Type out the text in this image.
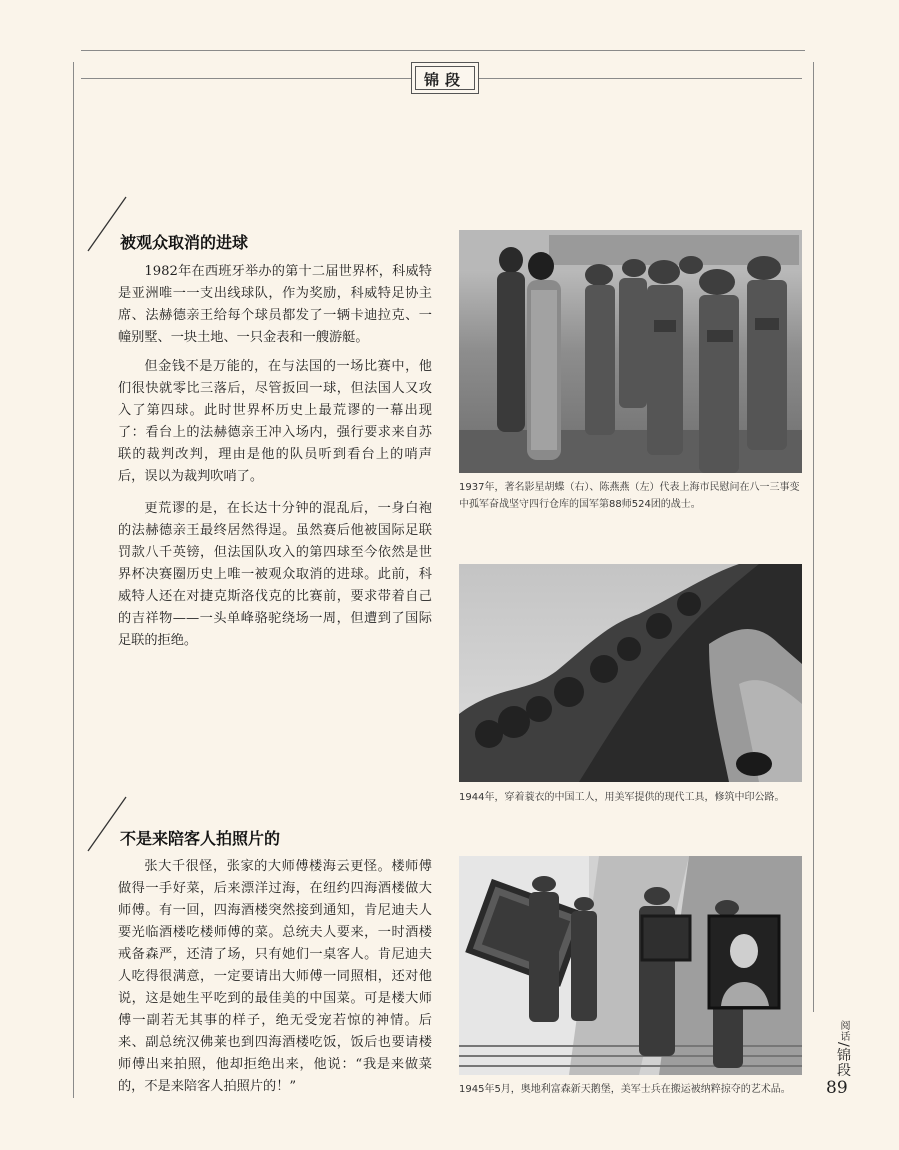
锦段
被观众取消的进球

1982年在西班牙举办的第十二届世界杯，科威特是亚洲唯一一支出线球队，作为奖励，科威特足协主席、法赫德亲王给每个球员都发了一辆卡迪拉克、一幢别墅、一块土地、一只金表和一艘游艇。

但金钱不是万能的，在与法国的一场比赛中，他们很快就零比三落后，尽管扳回一球，但法国人又攻入了第四球。此时世界杯历史上最荒谬的一幕出现了：看台上的法赫德亲王冲入场内，强行要求来自苏联的裁判改判，理由是他的队员听到看台上的哨声后，误以为裁判吹哨了。

更荒谬的是，在长达十分钟的混乱后，一身白袍的法赫德亲王最终居然得逞。虽然赛后他被国际足联罚款八千英镑，但法国队攻入的第四球至今依然是世界杯决赛圈历史上唯一被观众取消的进球。此前，科威特人还在对捷克斯洛伐克的比赛前，要求带着自己的吉祥物——一头单峰骆驼绕场一周，但遭到了国际足联的拒绝。

不是来陪客人拍照片的

张大千很怪，张家的大师傅楼海云更怪。楼师傅做得一手好菜，后来漂洋过海，在纽约四海酒楼做大师傅。有一回，四海酒楼突然接到通知，肯尼迪夫人要光临酒楼吃楼师傅的菜。总统夫人要来，一时酒楼戒备森严，还清了场，只有她们一桌客人。肯尼迪夫人吃得很满意，一定要请出大师傅一同照相，还对他说，这是她生平吃到的最佳美的中国菜。可是楼大师傅一副若无其事的样子，绝无受宠若惊的神情。后来、副总统汉佛莱也到四海酒楼吃饭，饭后也要请楼师傅出来拍照，他却拒绝出来，他说：“我是来做菜的，不是来陪客人拍照片的！”

1937年，著名影星胡蝶（右）、陈燕燕（左）代表上海市民慰问在八一三事变中孤军奋战坚守四行仓库的国军第88师524团的战士。
1944年，穿着蓑衣的中国工人，用美军提供的现代工具，修筑中印公路。
1945年5月，奥地利富森新天鹅堡，美军士兵在搬运被纳粹掠夺的艺术品。
阅话/锦段
89
